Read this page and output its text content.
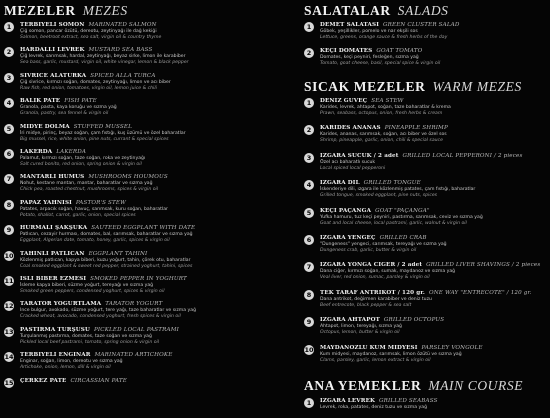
MEZELER MEZES
1	TERBİYELİ SOMON MARINATED SALMON
Çiğ somon, pancar özütü, dereotu, zeytinyağı ile dağ kekiği
Salmon, beetroot extract, sea salt, virgin oil & country thyme
2	HARDALLI LEVREK MUSTARD SEA BASS
Çiğ levrek, sarımsak, hardal, zeytinyağı, beyaz sirke, limon ile karabiber
Sea bass, garlic, mustard, virgin oil, white vinegar, lemon & black pepper
3	SİVRİCE ALATURKA SPICED ALLA TURCA
Çiğ sivrice, kırmızı soğan, domates, zeytinyağı, limon ve acı biber
Raw fish, red onion, tomatoes, virgin oil, lemon juice & chili
4	BALIK PATE FISH PÂTÉ
Granola, pasta, kaya koruğu ve sızma yağ
Granola, pastry, sea fennel & virgin oil
5	MİDYE DOLMA STUFFED MUSSEL
İri midye, pirinç, beyaz soğan, çam fıstığı, kuş üzümü ve özel baharatlar
Big mussel, rice, white onion, pine nuts, currant & special spices
6	LAKERDA LAKERDA
Palamut, kırmızı soğan, taze soğan, roka ve zeytinyağı
Salt cured bonito, red onion, spring onion & virgin oil
7	MANTARLI HUMUS MUSHROOMS HOUMOUS
Nohut, kestane mantarı, mantar, baharatlar ve sızma yağ
Chick pea, roasted chestnut, mushrooms, spices & virgin oil
8	PAPAZ YAHNİSİ PASTOR'S STEW
Patates, arpacık soğan, havuç, sarımsak, kuru soğan, baharatlar
Potato, shallot, carrot, garlic, onion, special spices
9	HURMALI ŞAKŞUKA SAUTEED EGGPLANT WITH DATE
Patlıcan, cezayir hurması, domates, bal, sarımsak, baharatlar ve sızma yağ
Eggplant, Algerian date, tomato, honey, garlic, spices & virgin oil
10 TAHİNLİ PATLICAN EGGPLANT TAHINI
Közlenmiş patlıcan, kapya biberi, kuzu yoğurt, tahin, çörek otu, baharatlar
Coal smoked eggplant & sweet red pepper, strained yoghurt, tahini, spices
11 İSLİ BİBER EZMESİ SMOKED PEPPER IN YOGHURT
İsleme kapya biberi, süzme yoğurt, tereyağı ve sızma yağ
Smoked green peppers, condensed yoghurt, spices & virgin oil
12 TARATOR YOĞURTLAMA TARATOR YOĞURT
Ince bulgur, avokado, süzme yoğurt, tere yağı, taze baharatlar ve sızma yağ
Cracked wheat, avocado, condensed yoghurt, fresh spices & virgin oil
13 PASTIRMA TURŞUSU PICKLED LOCAL PASTRAMI
Turşulanmış pastırma, domates, taze soğan ve sızma yağ
Pickled local beef pastrami, tomato, spring onion & virgin oil
14 TERBİYELİ ENGİNAR MARINATED ARTICHOKE
Enginar, soğan, limon, dereotu ve sızma yağ
Artichoke, onion, lemon, dill & virgin oil
15 ÇERKEZ PATE CIRCASSIAN PÂTÉ
SALATALAR SALADS
1	DEMET SALATASI GREEN CLUSTER SALAD
Göbek, yeşillikler, pomelo ve nar ekşili sos
Lettuce, greens, orange sauce & fresh herbs of the day
2	KEÇİ DOMATES GOAT TOMATO
Domates, keçi peyniri, fesleğen, sızma yağ
Tomato, goat cheese, basil, special spice & virgin oil
SICAK MEZELER WARM MEZES
1	DENİZ GÜVEÇ SEA STEW
Karides, levrek, ahtapot, soğan, taze baharatlar & krema
Prawn, seabass, octopus, onion, fresh herbs & cream
2	KARİDES ANANAS PINEAPPLE SHRIMP
Karides, ananas, sarımsak, soğan, acı biber ve özel sos
Shrimp, pineapple, garlic, onion, chili & special sauce
3	IZGARA SUCUK / 2 adet GRILLED LOCAL PEPPERONI / 2 pieces
Özel acı baharatlı sucuk
Local spiced local pepperoni
4	IZGARA DİL GRILLED TONGUE
İskenderiye dili, ızgara ile közlenmiş patates, çam fıstığı, baharatlar
Grilled tongue, smoked eggplant, pine nuts, spices
5	KEÇİ PAÇANGA GOAT "PAÇANGA"
Yufka hamuru, tuz keçi peyniri, pastırma, sarımsak, ceviz ve sızma yağ
Goat and local cheese, local pastrami, garlic, walnut & virgin oil
6	IZGARA YENGEÇ GRILLED CRAB
"Dungeness" yengeci, sarımsak, tereyağı ve sızma yağ
Dungeness crab, garlic, butter & virgin oil
7	IZGARA YONGA CİĞER / 2 adet GRILLED LIVER SHAVINGS / 2 pieces
Dana ciğer, kırmızı soğan, sumak, maydanoz ve sızma yağ
Veal liver, red onion, sumac, parsley & virgin oil
8	TEK TARAF ANTRİKOT / 120 gr. ONE WAY "ENTRECOTE" / 120 gr.
Dana antrikot, değirmen karabiber ve deniz tuzu
Beef entrecote, black pepper & sea salt
9	IZGARA AHTAPOT GRILLED OCTOPUS
Ahtapot, limon, tereyağı, sızma yağ
Octopus, lemon, butter & virgin oil
10 MAYDANOZLU KUM MİDYESİ PARSLEY VONGOLE
Kum midyesi, maydanoz, sarımsak, limon özütü ve sızma yağ
Clams, parsley, garlic, lemon extract & virgin oil
ANA YEMEKLER MAIN COURSE
1	IZGARA LEVREK GRILLED SEABASS
Levrek, roka, patates, deniz tuzu ve sızma yağ
